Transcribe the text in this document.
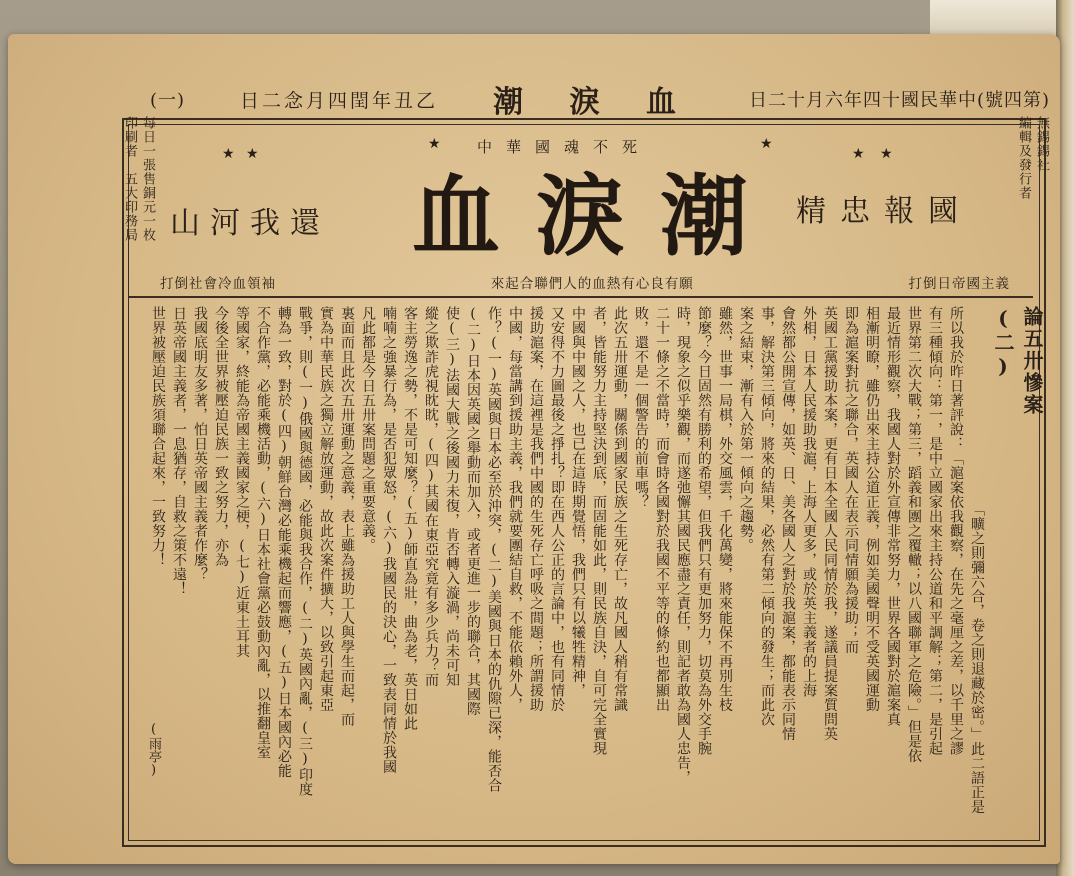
(一)	日二念月四閏年丑乙 潮 淚 血	日二十月六年四十國民華中(號四第)
印刷者　五大印務局 每日一張售銅元一枚	編輯及發行者 無錫錫社
★ ★
★
★ ★
★
中華國魂不死
山河我還 血淚潮 精忠報國
打倒社會冷血領袖	來起合聯們人的血熱有心良有願	打倒日帝國主義
論五卅慘案(二)
「曠之則彌六合，卷之則退藏於密。」此二語正是
所以我於昨日著評說：「滬案依我觀察，在先之毫厘之差，以千里之謬
有三種傾向：第一，是中立國家出來主持公道和平調解；第二，是引起
世界第二次大戰；第三，蹈義和團之覆轍；以八國聯軍之危險。」但是依
最近情形觀察，我國人對於外宣傳非常努力，世界各國對於滬案真
相漸明瞭，雖仍出來主持公道正義，例如美國聲明不受英國運動
即為滬案對抗之聯合，英國人在表示同情願為援助；而
英國工黨援助本案，更有日本全國人民同情於我，遂議員提案質問英
外相，日本人民援助我滬，上海人更多，或於英主義者的上海
會然都公開宣傳，如英、日、美各國人之對於我滬案，都能表示同情
事，解決第三傾向，將來的結果，必然有第二傾向的發生；而此次
案之結束，漸有入於第一傾向之趨勢。
雖然，世事一局棋，外交風雲，千化萬變，將來能保不再別生枝
節麼？今日固然有勝利的希望，但我們只有更加努力，切莫為外交手腕
時，現象之似乎樂觀，而遂弛懈其國民應盡之責任，則記者敢為國人忠告，
二十一條之不當時，而會時各國對於我國不平等的條約也都顯出
敗，還不是一個警告的前車嗎？
此次五卅運動，關係到國家民族之生死存亡，故凡國人稍有常識
者，皆能努力主持堅決到底，而固能如此，則民族自決，自可完全實現
中國與中國之人，也已在這時期覺悟，我們只有以犧牲精神，
又安得不力圖最後之掙扎？即在西人公正的言論中，也有同情於
援助滬案，在這裡是我們中國的生死存亡呼吸之間題；所謂援助
中國，每當講到援助主義，我們就要團結自救，不能依賴外人，
作？(一)英國與日本必至於沖突，(二)美國與日本的仇隙已深，能否合
(二)日本因英國之舉動而加入，或者更進一步的聯合，其國際
使(三)法國大戰之後國力未復，肯否轉入漩渦，尚未可知
縱之欺詐虎視眈眈，(四)其國在東亞究竟有多少兵力？而
客主勞逸之勢，不是可知麼？(五)師直為壯，曲為老，英日如此
喃喃之強暴行為，是否犯眾怒，(六)我國民的決心，一致表同情於我國
凡此都是今日五卅案問題之重要意義。
裏面而且此次五卅運動之意義，表上雖為援助工人與學生而起，而
實為中華民族之獨立解放運動，故此次案件擴大，以致引起東亞
戰爭，則(一)俄國與德國，必能與我合作，(二)英國內亂，(三)印度
轉為一致，對於(四)朝鮮台灣必能乘機起而響應，(五)日本國內必能
不合作黨，必能乘機活動，(六)日本社會黨必鼓動內亂，以推翻皇室
等國家，終能為帝國主義國家之梗，(七)近東土耳其
今後全世界被壓迫民族一致之努力，亦為
我國底明友多著，怕日英帝國主義者作麼？
日英帝國主義者，一息猶存，自救之策不遠！
世界被壓迫民族須聯合起來，一致努力！
(雨亭)
